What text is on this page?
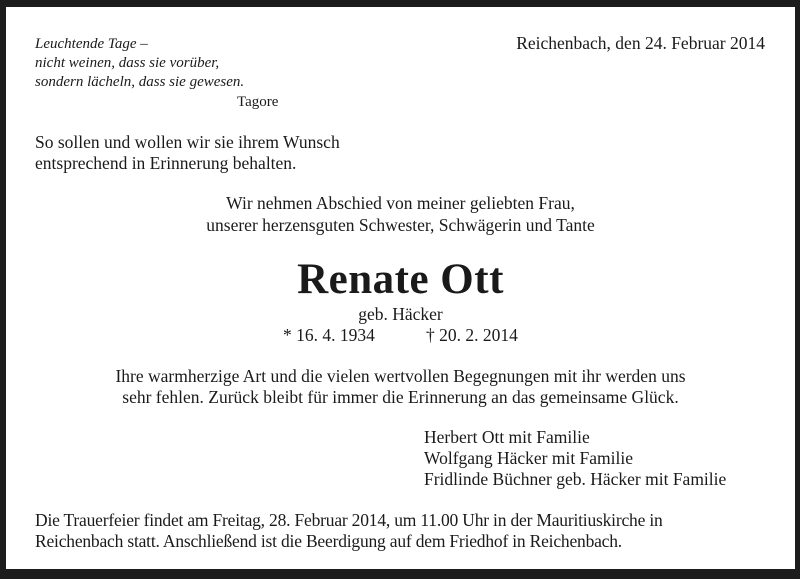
Leuchtende Tage –
nicht weinen, dass sie vorüber,
sondern lächeln, dass sie gewesen.
Tagore
Reichenbach, den 24. Februar 2014
So sollen und wollen wir sie ihrem Wunsch
entsprechend in Erinnerung behalten.
Wir nehmen Abschied von meiner geliebten Frau,
unserer herzensguten Schwester, Schwägerin und Tante
Renate Ott
geb. Häcker
* 16. 4. 1934	† 20. 2. 2014
Ihre warmherzige Art und die vielen wertvollen Begegnungen mit ihr werden uns
sehr fehlen. Zurück bleibt für immer die Erinnerung an das gemeinsame Glück.
Herbert Ott mit Familie
Wolfgang Häcker mit Familie
Fridlinde Büchner geb. Häcker mit Familie
Die Trauerfeier findet am Freitag, 28. Februar 2014, um 11.00 Uhr in der Mauritiuskirche in
Reichenbach statt. Anschließend ist die Beerdigung auf dem Friedhof in Reichenbach.
